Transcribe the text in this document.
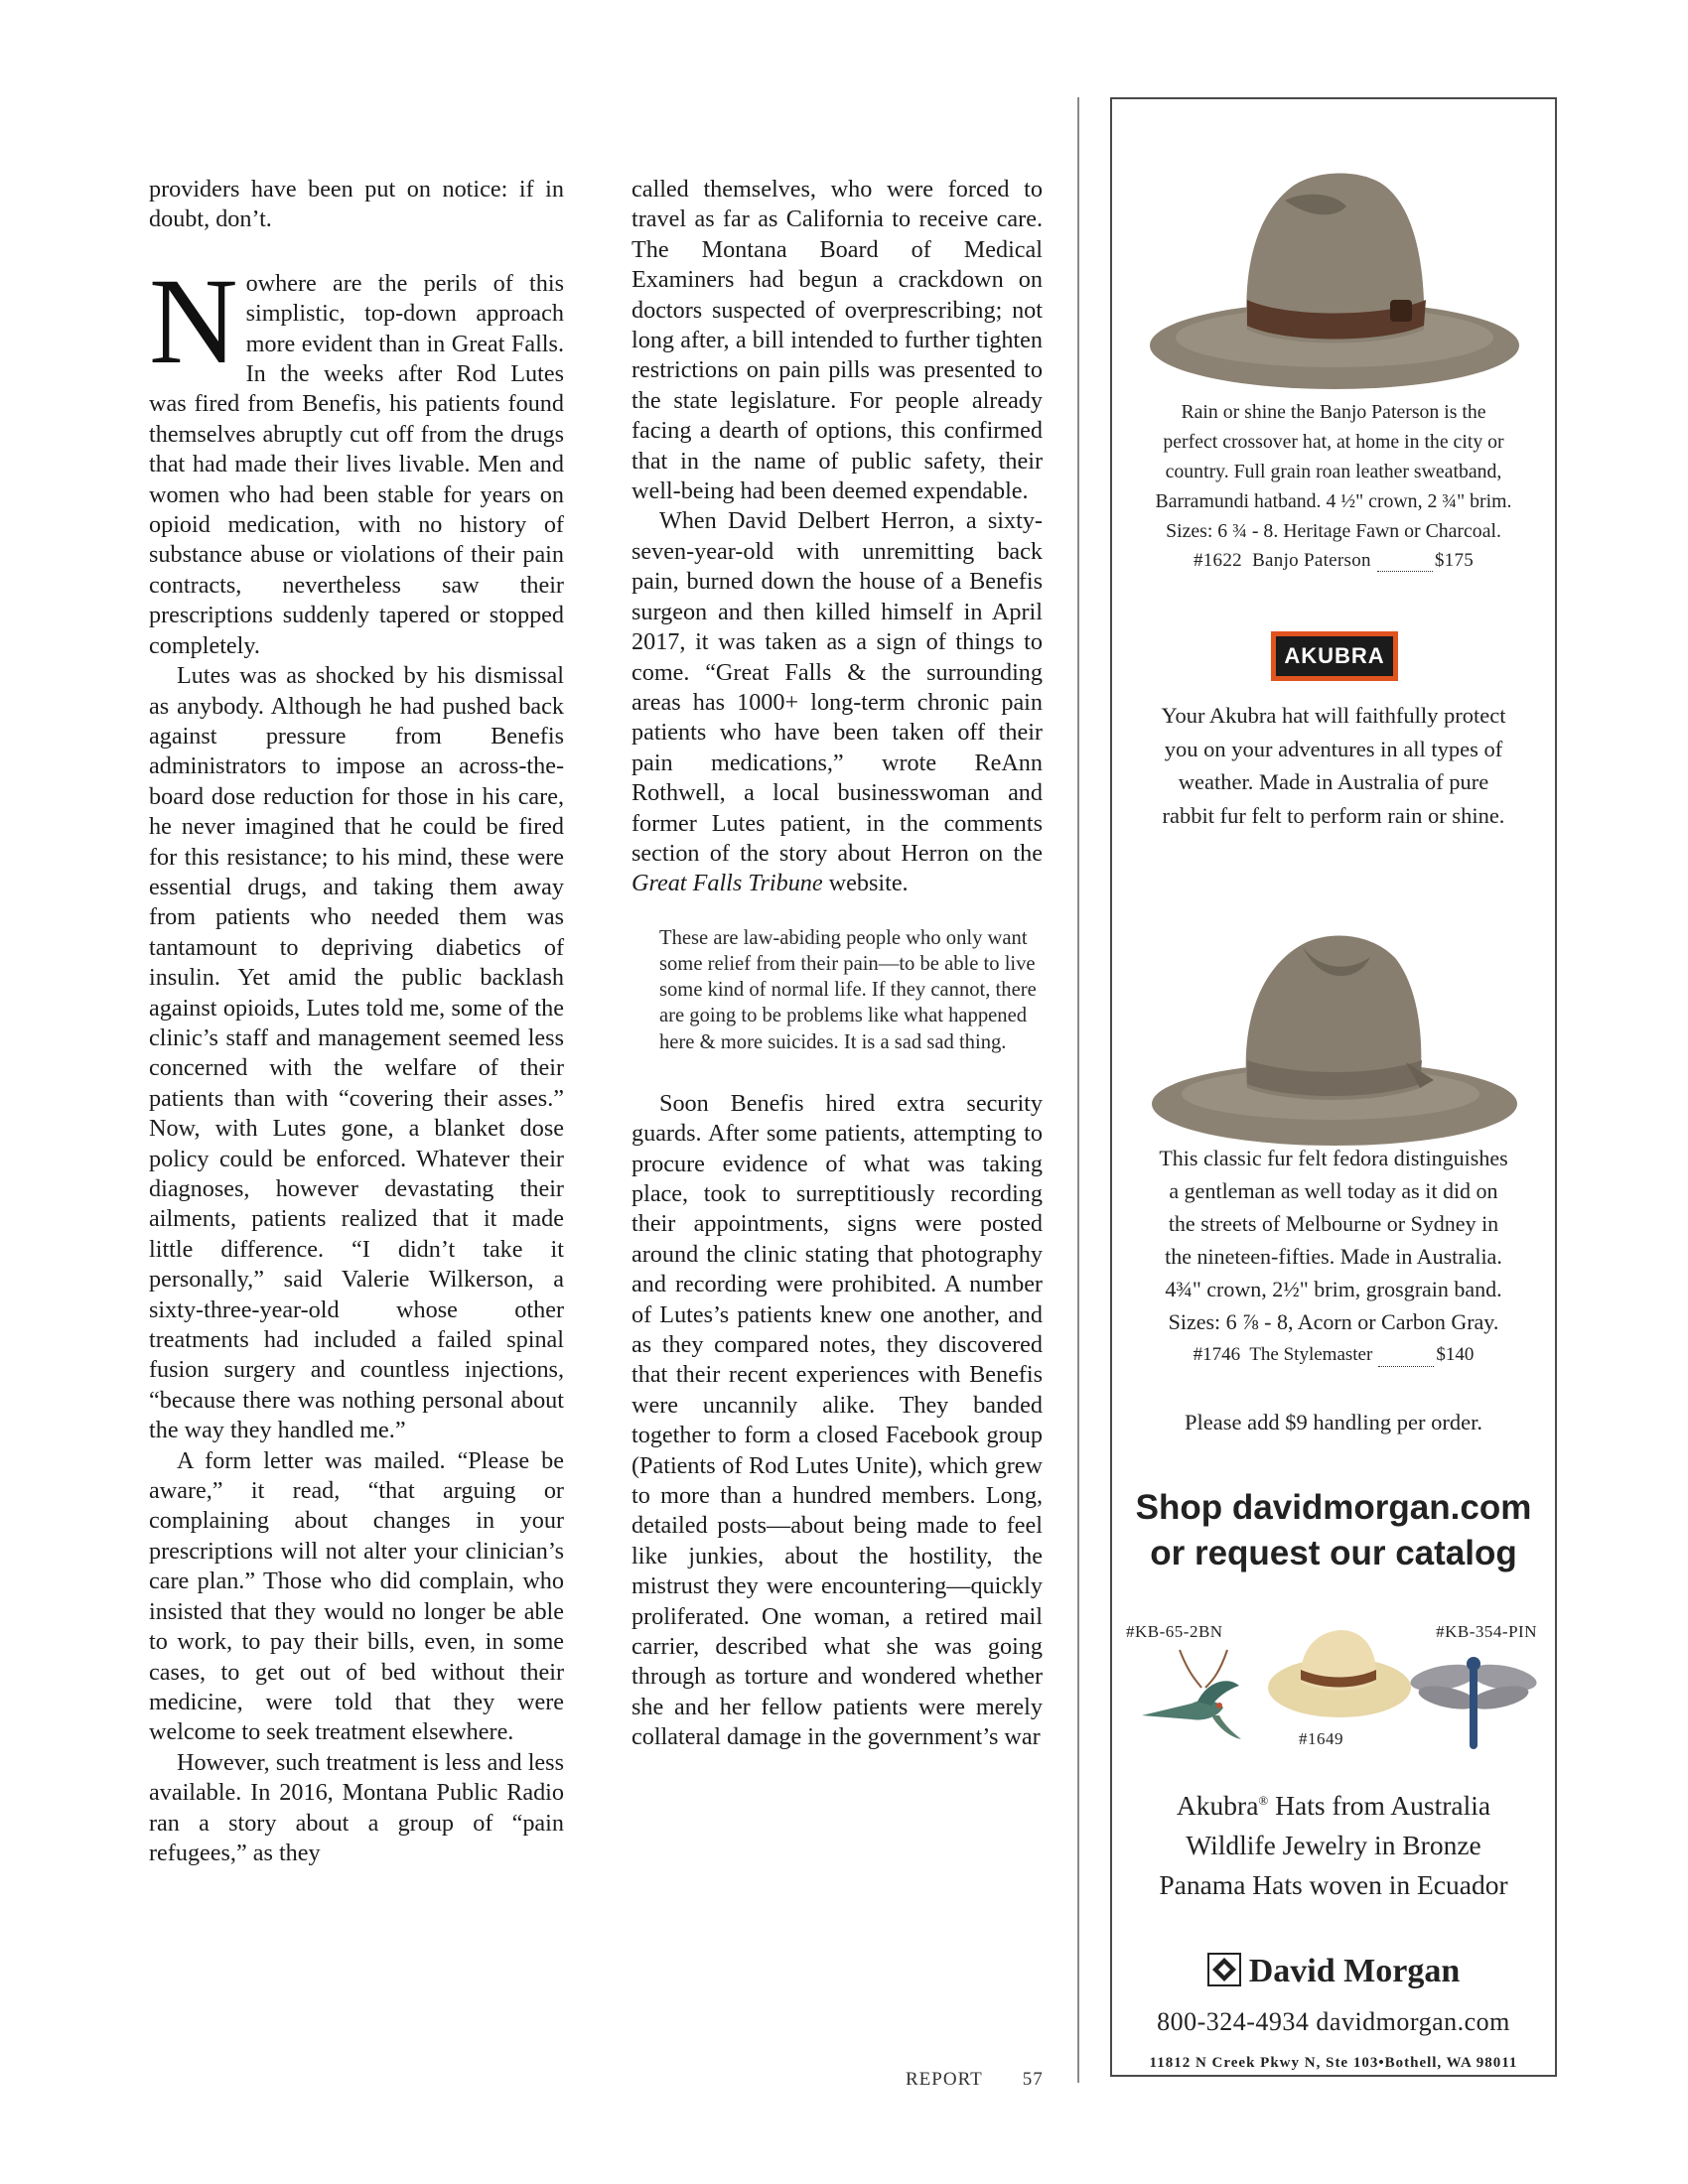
providers have been put on notice: if in doubt, don’t.

Nowhere are the perils of this simplistic, top-down approach more evident than in Great Falls. In the weeks after Rod Lutes was fired from Benefis, his patients found themselves abruptly cut off from the drugs that had made their lives livable. Men and women who had been stable for years on opioid medication, with no history of substance abuse or violations of their pain contracts, nevertheless saw their prescriptions suddenly tapered or stopped completely.

Lutes was as shocked by his dismissal as anybody. Although he had pushed back against pressure from Benefis administrators to impose an across-the-board dose reduction for those in his care, he never imagined that he could be fired for this resistance; to his mind, these were essential drugs, and taking them away from patients who needed them was tantamount to depriving diabetics of insulin. Yet amid the public backlash against opioids, Lutes told me, some of the clinic’s staff and management seemed less concerned with the welfare of their patients than with “covering their asses.” Now, with Lutes gone, a blanket dose policy could be enforced. Whatever their diagnoses, however devastating their ailments, patients realized that it made little difference. “I didn’t take it personally,” said Valerie Wilkerson, a sixty-three-year-old whose other treatments had included a failed spinal fusion surgery and countless injections, “because there was nothing personal about the way they handled me.”

A form letter was mailed. “Please be aware,” it read, “that arguing or complaining about changes in your prescriptions will not alter your clinician’s care plan.” Those who did complain, who insisted that they would no longer be able to work, to pay their bills, even, in some cases, to get out of bed without their medicine, were told that they were welcome to seek treatment elsewhere.

However, such treatment is less and less available. In 2016, Montana Public Radio ran a story about a group of “pain refugees,” as they

called themselves, who were forced to travel as far as California to receive care. The Montana Board of Medical Examiners had begun a crackdown on doctors suspected of overprescribing; not long after, a bill intended to further tighten restrictions on pain pills was presented to the state legislature. For people already facing a dearth of options, this confirmed that in the name of public safety, their well-being had been deemed expendable.

When David Delbert Herron, a sixty-seven-year-old with unremitting back pain, burned down the house of a Benefis surgeon and then killed himself in April 2017, it was taken as a sign of things to come. “Great Falls & the surrounding areas has 1000+ long-term chronic pain patients who have been taken off their pain medications,” wrote ReAnn Rothwell, a local businesswoman and former Lutes patient, in the comments section of the story about Herron on the Great Falls Tribune website.

These are law-abiding people who only want some relief from their pain—to be able to live some kind of normal life. If they cannot, there are going to be problems like what happened here & more suicides. It is a sad sad thing.

Soon Benefis hired extra security guards. After some patients, attempting to procure evidence of what was taking place, took to surreptitiously recording their appointments, signs were posted around the clinic stating that photography and recording were prohibited. A number of Lutes’s patients knew one another, and as they compared notes, they discovered that their recent experiences with Benefis were uncannily alike. They banded together to form a closed Facebook group (Patients of Rod Lutes Unite), which grew to more than a hundred members. Long, detailed posts—about being made to feel like junkies, about the hostility, the mistrust they were encountering—quickly proliferated. One woman, a retired mail carrier, described what she was going through as torture and wondered whether she and her fellow patients were merely collateral damage in the government’s war

REPORT 57
Rain or shine the Banjo Paterson is the
perfect crossover hat, at home in the city or
country. Full grain roan leather sweatband,
Barramundi hatband. 4 ½" crown, 2 ¾" brim.
Sizes: 6 ¾ - 8. Heritage Fawn or Charcoal.
#1622 Banjo Paterson	$175
AKUBRA
Your Akubra hat will faithfully protect
you on your adventures in all types of
weather. Made in Australia of pure
rabbit fur felt to perform rain or shine.
This classic fur felt fedora distinguishes
a gentleman as well today as it did on
the streets of Melbourne or Sydney in
the nineteen-fifties. Made in Australia.
4¾" crown, 2½" brim, grosgrain band.
Sizes: 6 ⅞ - 8, Acorn or Carbon Gray.
#1746 The Stylemaster	$140
Please add $9 handling per order.
Shop davidmorgan.com
or request our catalog
#KB-65-2BN	#KB-354-PIN
#1649
Akubra® Hats from Australia
Wildlife Jewelry in Bronze
Panama Hats woven in Ecuador
David Morgan
800-324-4934 davidmorgan.com
11812 N Creek Pkwy N, Ste 103•Bothell, WA 98011
